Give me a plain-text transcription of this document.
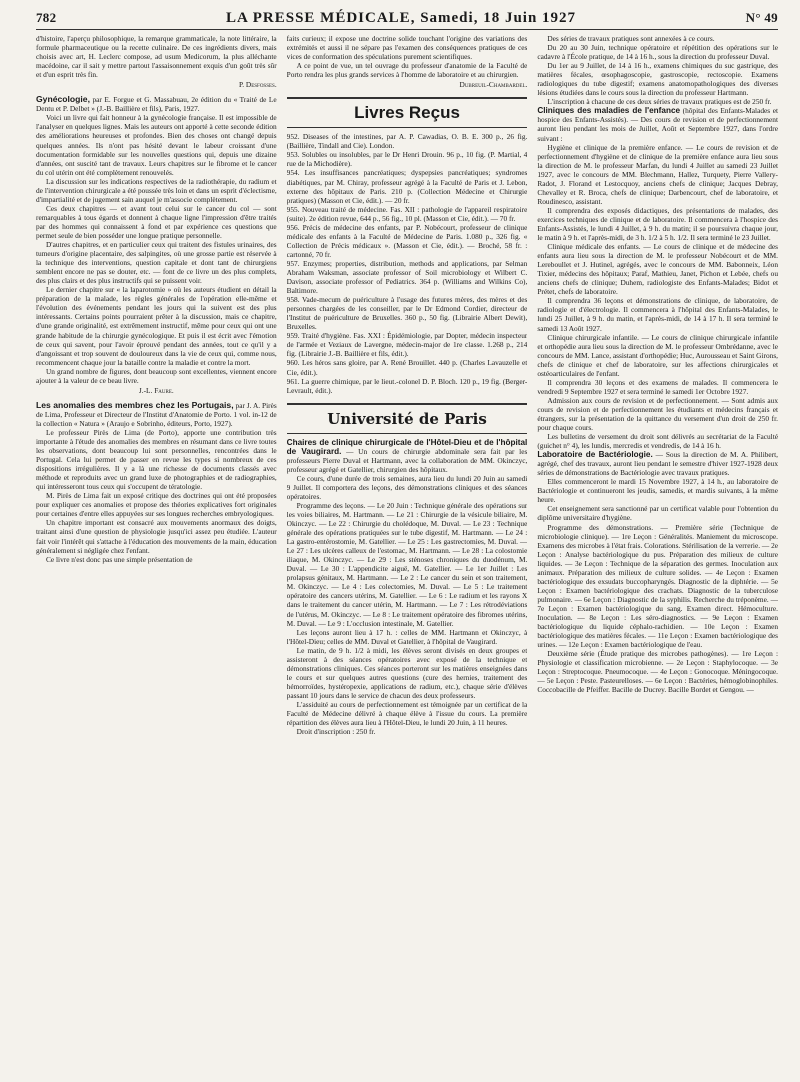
782	LA PRESSE MÉDICALE, Samedi, 18 Juin 1927	N° 49

d'histoire, l'aperçu philosophique, la remarque grammaticale, la note littéraire, la formule pharmaceutique ou la recette culinaire. De ces ingrédients divers, mais choisis avec art, H. Leclerc compose, ad usum Medicorum, la plus alléchante macédoine, car il sait y mettre partout l'assaisonnement exquis d'un goût très sûr et d'un esprit très fin.

P. Desfosses.

Gynécologie, par E. Forgue et G. Massabuau, 2e édition du « Traité de Le Dentu et P. Delbet » (J.-B. Baillière et fils), Paris, 1927.

Voici un livre qui fait honneur à la gynécologie française. Il est impossible de l'analyser en quelques lignes. Mais les auteurs ont apporté à cette seconde édition des améliorations heureuses et profondes. Bien des choses ont changé depuis quelques années. Ils n'ont pas hésité devant le labeur croissant d'une documentation formidable sur les nouvelles questions qui, depuis une dizaine d'années, ont suscité tant de travaux. Leurs chapitres sur le fibrome et le cancer du col utérin ont été complètement renouvelés.

La discussion sur les indications respectives de la radiothérapie, du radium et de l'intervention chirurgicale a été poussée très loin et dans un esprit d'éclectisme, d'impartialité et de jugement sain auquel je m'associe complètement.

Ces deux chapitres — et avant tout celui sur le cancer du col — sont remarquables à tous égards et donnent à chaque ligne l'impression d'être traités par des hommes qui connaissent à fond et par expérience ces questions que permet seule de bien posséder une longue pratique personnelle.

D'autres chapitres, et en particulier ceux qui traitent des fistules urinaires, des tumeurs d'origine placentaire, des salpingites, où une grosse partie est réservée à la technique des interventions, question capitale et dont tant de chirurgiens semblent encore ne pas se douter, etc. — font de ce livre un des plus complets, des plus clairs et des plus instructifs qui se puissent voir.

Le dernier chapitre sur « la laparotomie » où les auteurs étudient en détail la préparation de la malade, les règles générales de l'opération elle-même et l'évolution des événements pendant les jours qui la suivent est des plus intéressants. Certains points pourraient prêter à la discussion, mais ce chapitre, d'une grande originalité, est extrêmement instructif, même pour ceux qui ont une grande habitude de la chirurgie gynécologique. Et puis il est écrit avec l'émotion de ceux qui savent, pour l'avoir éprouvé pendant des années, tout ce qu'il y a d'angoissant et trop souvent de douloureux dans la vie de ceux qui, comme nous, recommencent chaque jour la bataille contre la maladie et contre la mort.

Un grand nombre de figures, dont beaucoup sont excellentes, viennent encore ajouter à la valeur de ce beau livre.

J.-L. Faure.

Les anomalies des membres chez les Portugais, par J. A. Pirès de Lima, Professeur et Directeur de l'Institut d'Anatomie de Porto. 1 vol. in-12 de la collection « Natura » (Araujo e Sobrinho, éditeurs, Porto, 1927).

Le professeur Pirès de Lima (de Porto), apporte une contribution très importante à l'étude des anomalies des membres en résumant dans ce livre toutes les observations, dont beaucoup lui sont personnelles, rencontrées dans le Portugal. Cela lui permet de passer en revue les types si nombreux de ces dispositions irrégulières. Il y a là une richesse de documents classés avec méthode et reproduits avec un grand luxe de photographies et de radiographies, qui intéresseront tous ceux qui s'occupent de tératologie.

M. Pirès de Lima fait un exposé critique des doctrines qui ont été proposées pour expliquer ces anomalies et propose des théories explicatives fort originales pour certaines d'entre elles appuyées sur ses longues recherches embryologiques.

Un chapitre important est consacré aux mouvements anormaux des doigts, traitant ainsi d'une question de physiologie jusqu'ici assez peu étudiée. L'auteur fait voir l'intérêt qui s'attache à l'éducation des mouvements de la main, éducation généralement si négligée chez l'enfant.

Ce livre n'est donc pas une simple présentation de

faits curieux; il expose une doctrine solide touchant l'origine des variations des extrémités et aussi il ne sépare pas l'examen des conséquences pratiques de ces vices de conformation des spéculations purement scientifiques.

A ce point de vue, un tel ouvrage du professeur d'anatomie de la Faculté de Porto rendra les plus grands services à l'homme de laboratoire et au chirurgien.

Dubreuil-Chambardel.
Livres Reçus

952. Diseases of the intestines, par A. P. Cawadias, O. B. E. 300 p., 26 fig. (Baillière, Tindall and Cie). London.

953. Solubles ou insolubles, par le Dr Henri Drouin. 96 p., 10 fig. (P. Martial, 4 rue de la Michodière).

954. Les insuffisances pancréatiques; dyspepsies pancréatiques; syndromes diabétiques, par M. Chiray, professeur agrégé à la Faculté de Paris et J. Lebon, externe des hôpitaux de Paris. 210 p. (Collection Médecine et Chirurgie pratiques) (Masson et Cie, édit.). — 20 fr.

955. Nouveau traité de médecine. Fas. XII : pathologie de l'appareil respiratoire (suite). 2e édition revue, 644 p., 56 fig., 10 pl. (Masson et Cie, édit.). — 70 fr.

956. Précis de médecine des enfants, par P. Nobécourt, professeur de clinique médicale des enfants à la Faculté de Médecine de Paris. 1.080 p., 326 fig. « Collection de Précis médicaux ». (Masson et Cie, édit.). — Broché, 58 fr. : cartonné, 70 fr.

957. Enzymes; properties, distribution, methods and applications, par Selman Abraham Waksman, associate professor of Soil microbiology et Wilbert C. Davison, associate professor of Pediatrics. 364 p. (Williams and Wilkins Co), Baltimore.

958. Vade-mecum de puériculture à l'usage des futures mères, des mères et des personnes chargées de les conseiller, par le Dr Edmond Cordier, directeur de l'Institut de puériculture de Bruxelles. 360 p., 50 fig. (Librairie Albert Dewit), Bruxelles.

959. Traité d'hygiène. Fas. XXI : Épidémiologie, par Dopter, médecin inspecteur de l'armée et Veziaux de Lavergne, médecin-major de 1re classe. 1.268 p., 214 fig. (Librairie J.-B. Baillière et fils, édit.).

960. Les héros sans gloire, par A. René Brouillet. 440 p. (Charles Lavauzelle et Cie, édit.).

961. La guerre chimique, par le lieut.-colonel D. P. Bloch. 120 p., 19 fig. (Berger-Levrault, édit.).

Université de Paris

Chaires de clinique chirurgicale de l'Hôtel-Dieu et de l'hôpital de Vaugirard. — Un cours de chirurgie abdominale sera fait par les professeurs Pierre Duval et Hartmann, avec la collaboration de MM. Okinczyc, professeur agrégé et Gatellier, chirurgien des hôpitaux.

Ce cours, d'une durée de trois semaines, aura lieu du lundi 20 Juin au samedi 9 Juillet. Il comportera des leçons, des démonstrations cliniques et des séances opératoires.

Programme des leçons. — Le 20 Juin : Technique générale des opérations sur les voies biliaires, M. Hartmann. — Le 21 : Chirurgie de la vésicule biliaire, M. Okinczyc. — Le 22 : Chirurgie du cholédoque, M. Duval. — Le 23 : Technique générale des opérations pratiquées sur le tube digestif, M. Hartmann. — Le 24 : La gastro-entérostomie, M. Gatellier. — Le 25 : Les gastrectomies, M. Duval. — Le 27 : Les ulcères calleux de l'estomac, M. Hartmann. — Le 28 : La colostomie iliaque, M. Okinczyc. — Le 29 : Les sténoses chroniques du duodénum, M. Duval. — Le 30 : L'appendicite aiguë, M. Gatellier. — Le 1er Juillet : Les prolapsus génitaux, M. Hartmann. — Le 2 : Le cancer du sein et son traitement, M. Okinczyc. — Le 4 : Les colectomies, M. Duval. — Le 5 : Le traitement opératoire des cancers utérins, M. Gatellier. — Le 6 : Le radium et les rayons X dans le traitement du cancer utérin, M. Hartmann. — Le 7 : Les rétrodéviations de l'utérus, M. Okinczyc. — Le 8 : Le traitement opératoire des fibromes utérins, M. Duval. — Le 9 : L'occlusion intestinale, M. Gatellier.

Les leçons auront lieu à 17 h. : celles de MM. Hartmann et Okinczyc, à l'Hôtel-Dieu; celles de MM. Duval et Gatellier, à l'hôpital de Vaugirard.

Le matin, de 9 h. 1/2 à midi, les élèves seront divisés en deux groupes et assisteront à des séances opératoires avec exposé de la technique et démonstrations cliniques. Ces séances porteront sur les matières enseignées dans le cours et sur quelques autres questions (cure des hernies, traitement des hémorroïdes, hystéropexie, applications de radium, etc.), chaque série d'élèves passant 10 jours dans le service de chacun des deux professeurs.

L'assiduité au cours de perfectionnement est témoignée par un certificat de la Faculté de Médecine délivré à chaque élève à l'issue du cours. La première répartition des élèves aura lieu à l'Hôtel-Dieu, le lundi 20 Juin, à 11 heures.

Droit d'inscription : 250 fr.

Des séries de travaux pratiques sont annexées à ce cours.

Du 20 au 30 Juin, technique opératoire et répétition des opérations sur le cadavre à l'École pratique, de 14 à 16 h., sous la direction du professeur Duval.

Du 1er au 9 Juillet, de 14 à 16 h., examens chimiques du suc gastrique, des matières fécales, œsophagoscopie, gastroscopie, rectoscopie. Examens radiologiques du tube digestif; examens anatomopathologiques des diverses lésions étudiées dans le cours sous la direction du professeur Hartmann.

L'inscription à chacune de ces deux séries de travaux pratiques est de 250 fr.

Cliniques des maladies de l'enfance (hôpital des Enfants-Malades et hospice des Enfants-Assistés). — Des cours de revision et de perfectionnement auront lieu pendant les mois de Juillet, Août et Septembre 1927, dans l'ordre suivant :

Hygiène et clinique de la première enfance. — Le cours de revision et de perfectionnement d'hygiène et de clinique de la première enfance aura lieu sous la direction de M. le professeur Marfan, du lundi 4 Juillet au samedi 23 Juillet 1927, avec le concours de MM. Blechmann, Hallez, Turquety, Pierre Vallery-Radot, J. Florand et Lestocquoy, anciens chefs de clinique; Jacques Debray, Chevalley et R. Broca, chefs de clinique; Darbencourt, chef de laboratoire, et Roudinesco, assistant.

Il comprendra des exposés didactiques, des présentations de malades, des exercices techniques de clinique et de laboratoire. Il commencera à l'hospice des Enfants-Assistés, le lundi 4 Juillet, à 9 h. du matin; il se poursuivra chaque jour, le matin à 9 h. et l'après-midi, de 3 h. 1/2 à 5 h. 1/2. Il sera terminé le 23 Juillet.

Clinique médicale des enfants. — Le cours de clinique et de médecine des enfants aura lieu sous la direction de M. le professeur Nobécourt et de MM. Lereboullet et J. Hutinel, agrégés, avec le concours de MM. Babonneix, Léon Tixier, médecins des hôpitaux; Paraf, Mathieu, Janet, Pichon et Lebée, chefs ou anciens chefs de clinique; Duhem, radiologiste des Enfants-Malades; Bidot et Prétet, chefs de laboratoire.

Il comprendra 36 leçons et démonstrations de clinique, de laboratoire, de radiologie et d'électrologie. Il commencera à l'hôpital des Enfants-Malades, le lundi 25 Juillet, à 9 h. du matin, et l'après-midi, de 14 à 17 h. Il sera terminé le samedi 13 Août 1927.

Clinique chirurgicale infantile. — Le cours de clinique chirurgicale infantile et orthopédie aura lieu sous la direction de M. le professeur Ombrédanne, avec le concours de MM. Lance, assistant d'orthopédie; Huc, Aurousseau et Saint Girons, chefs de clinique et chef de laboratoire, sur les affections chirurgicales et ostéoarticulaires de l'enfant.

Il comprendra 30 leçons et des examens de malades. Il commencera le vendredi 9 Septembre 1927 et sera terminé le samedi 1er Octobre 1927.

Admission aux cours de revision et de perfectionnement. — Sont admis aux cours de revision et de perfectionnement les étudiants et médecins français et étrangers, sur la présentation de la quittance du versement d'un droit de 250 fr. pour chaque cours.

Les bulletins de versement du droit sont délivrés au secrétariat de la Faculté (guichet n° 4), les lundis, mercredis et vendredis, de 14 à 16 h.

Laboratoire de Bactériologie. — Sous la direction de M. A. Philibert, agrégé, chef des travaux, auront lieu pendant le semestre d'hiver 1927-1928 deux séries de démonstrations de Bactériologie avec travaux pratiques.

Elles commenceront le mardi 15 Novembre 1927, à 14 h., au laboratoire de Bactériologie et continueront les jeudis, samedis, et mardis suivants, à la même heure.

Cet enseignement sera sanctionné par un certificat valable pour l'obtention du diplôme universitaire d'hygiène.

Programme des démonstrations. — Première série (Technique de microbiologie clinique). — 1re Leçon : Généralités. Maniement du microscope. Examens des microbes à l'état frais. Colorations. Stérilisation de la verrerie. — 2e Leçon : Analyse bactériologique du pus. Préparation des milieux de culture liquides. — 3e Leçon : Technique de la séparation des germes. Inoculation aux animaux. Préparation des milieux de culture solides. — 4e Leçon : Examen bactériologique des exsudats buccopharyngés. Diagnostic de la diphtérie. — 5e Leçon : Examen bactériologique des crachats. Diagnostic de la tuberculose pulmonaire. — 6e Leçon : Diagnostic de la syphilis. Recherche du tréponème. — 7e Leçon : Examen bactériologique du sang. Examen direct. Hémoculture. Inoculation. — 8e Leçon : Les séro-diagnostics. — 9e Leçon : Examen bactériologique du liquide céphalo-rachidien. — 10e Leçon : Examen bactériologique des matières fécales. — 11e Leçon : Examen bactériologique des urines. — 12e Leçon : Examen bactériologique de l'eau.

Deuxième série (Étude pratique des microbes pathogènes). — 1re Leçon : Physiologie et classification microbienne. — 2e Leçon : Staphylocoque. — 3e Leçon : Streptocoque. Pneumocoque. — 4e Leçon : Gonocoque. Méningocoque. — 5e Leçon : Peste. Pasteurelloses. — 6e Leçon : Bactéries, hémoglobinophiles. Coccobacille de Pfeiffer. Bacille de Ducrey. Bacille Bordet et Gengou. —
